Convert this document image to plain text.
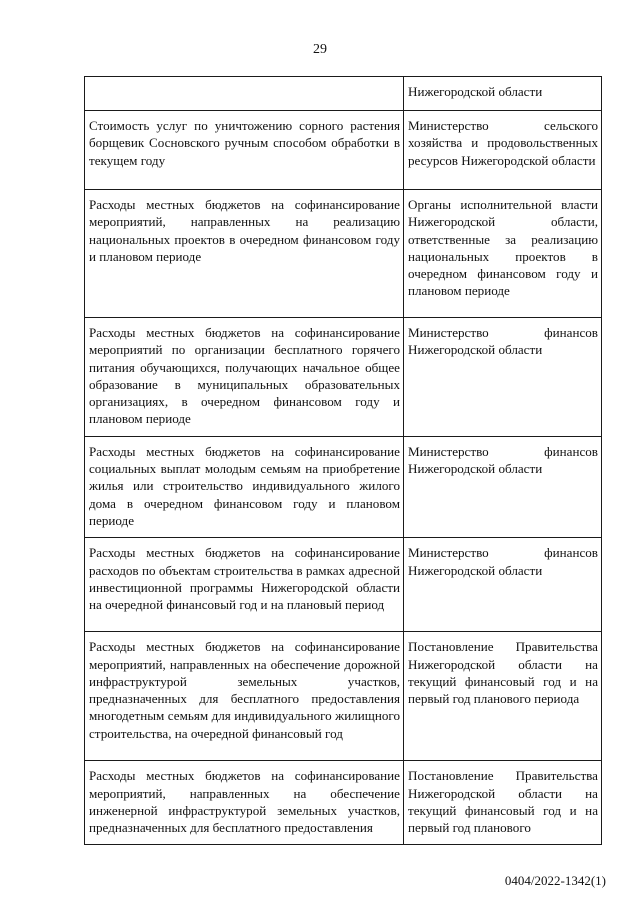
29
	Нижегородской области
Стоимость услуг по уничтожению сорного растения борщевик Сосновского ручным способом обработки в текущем году	Министерство сельского хозяйства и продовольственных ресурсов Нижегородской области
Расходы местных бюджетов на софинансирование мероприятий, направленных на реализацию национальных проектов в очередном финансовом году и плановом периоде	Органы исполнительной власти Нижегородской области, ответственные за реализацию национальных проектов в очередном финансовом году и плановом периоде
Расходы местных бюджетов на софинансирование мероприятий по организации бесплатного горячего питания обучающихся, получающих начальное общее образование в муниципальных образовательных организациях, в очередном финансовом году и плановом периоде	Министерство финансов Нижегородской области
Расходы местных бюджетов на софинансирование социальных выплат молодым семьям на приобретение жилья или строительство индивидуального жилого дома в очередном финансовом году и плановом периоде	Министерство финансов Нижегородской области
Расходы местных бюджетов на софинансирование расходов по объектам строительства в рамках адресной инвестиционной программы Нижегородской области на очередной финансовый год и на плановый период	Министерство финансов Нижегородской области
Расходы местных бюджетов на софинансирование мероприятий, направленных на обеспечение дорожной инфраструктурой земельных участков, предназначенных для бесплатного предоставления многодетным семьям для индивидуального жилищного строительства, на очередной финансовый год	Постановление Правительства Нижегородской области на текущий финансовый год и на первый год планового периода
Расходы местных бюджетов на софинансирование мероприятий, направленных на обеспечение инженерной инфраструктурой земельных участков, предназначенных для бесплатного предоставления	Постановление Правительства Нижегородской области на текущий финансовый год и на первый год планового
0404/2022-1342(1)
